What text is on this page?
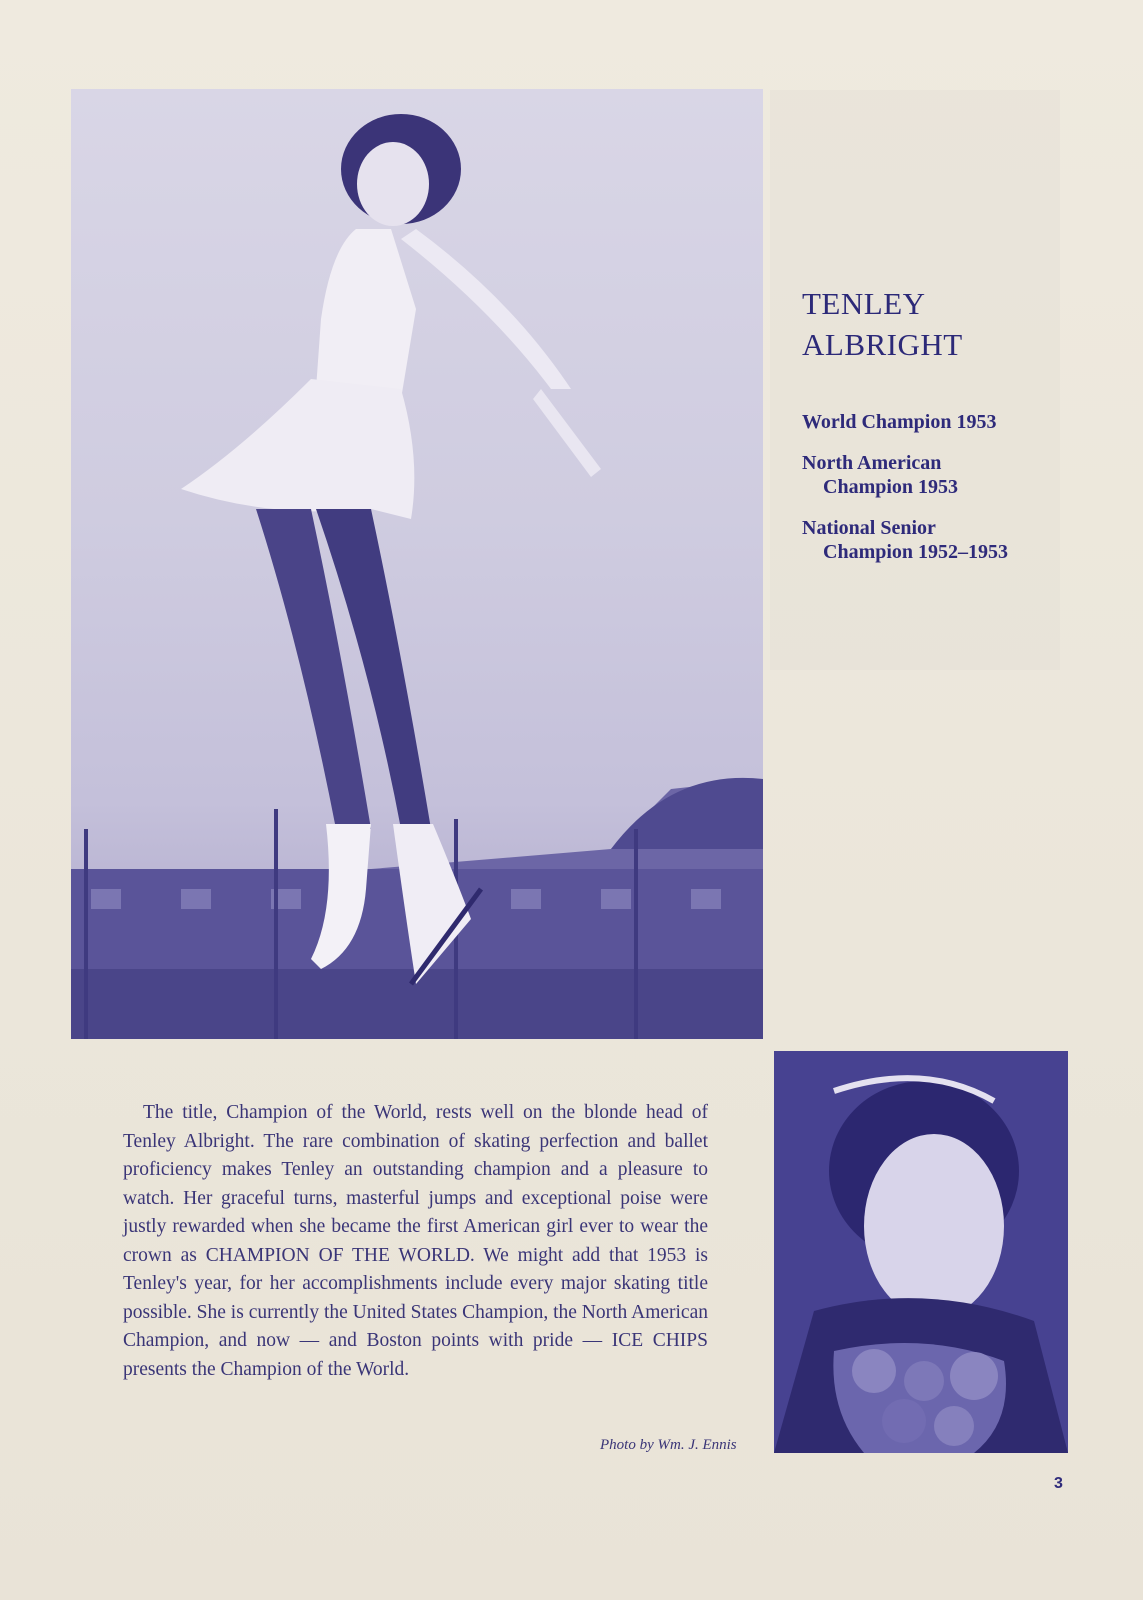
TENLEY
ALBRIGHT
World Champion 1953
North American
Champion 1953
National Senior
Champion 1952–1953

The title, Champion of the World, rests well on the blonde head of Tenley Albright. The rare combination of skating perfection and ballet proficiency makes Tenley an outstanding champion and a pleasure to watch. Her graceful turns, masterful jumps and exceptional poise were justly rewarded when she became the first American girl ever to wear the crown as CHAMPION OF THE WORLD. We might add that 1953 is Tenley's year, for her accomplishments include every major skating title possible. She is currently the United States Champion, the North American Champion, and now — and Boston points with pride — ICE CHIPS presents the Champion of the World.

Photo by Wm. J. Ennis
3
